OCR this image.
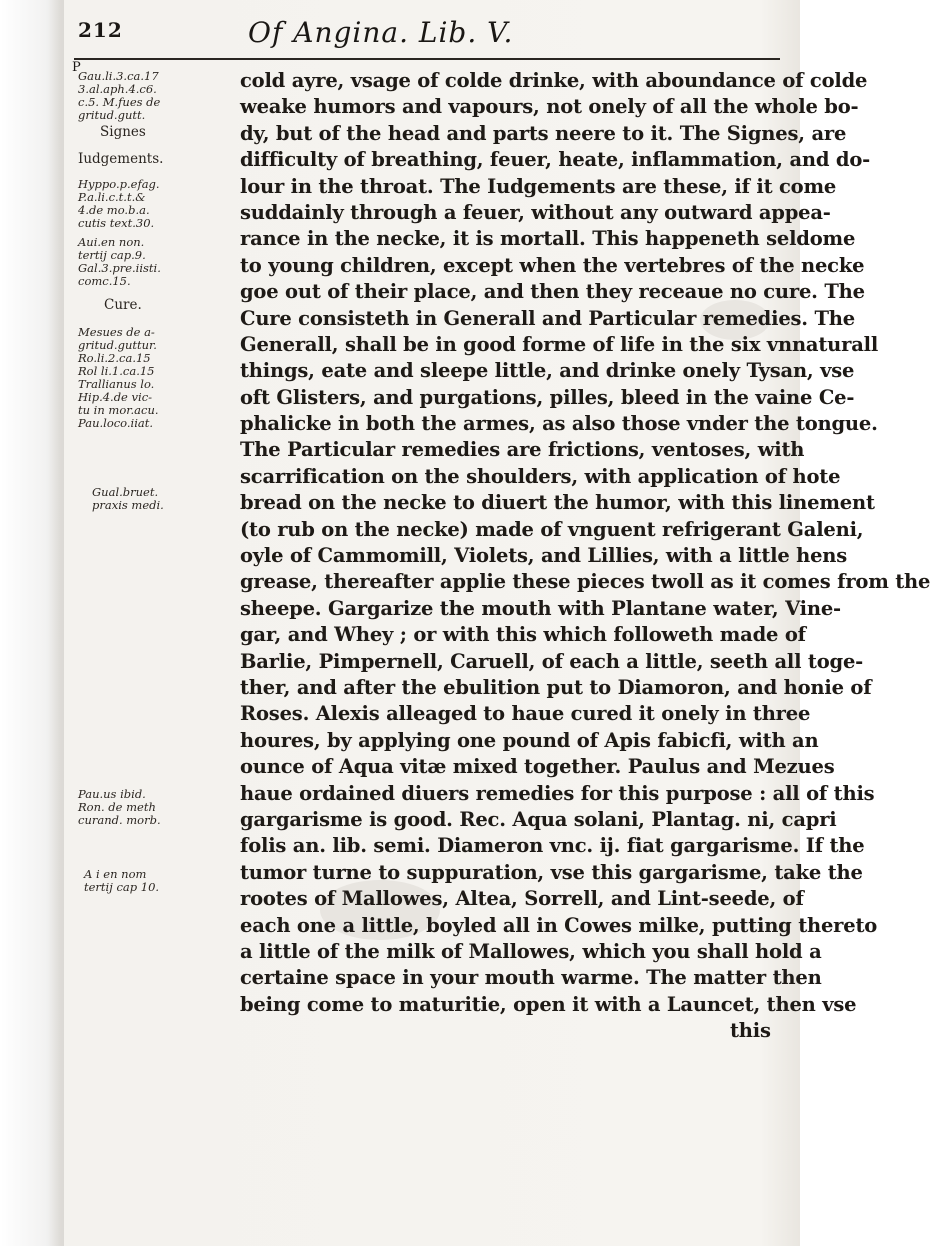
212	Of Angina. Lib. V.
P
Gau.li.3.ca.17
3.al.aph.4.c6.
c.5. M.fues de
gritud.gutt.
Signes
Iudgements.
Hyppo.p.efag.
P.a.li.c.t.t.&
4.de mo.b.a.
cutis text.30.
Aui.en non.
tertij cap.9.
Gal.3.pre.iisti.
comc.15.
Cure.
Mesues de a-
gritud.guttur.
Ro.li.2.ca.15
Rol li.1.ca.15
Trallianus lo.
Hip.4.de vic-
tu in mor.acu.
Pau.loco.iiat.
Gual.bruet.
praxis medi.
Pau.us ibid.
Ron. de meth
curand. morb.
A i en nom
tertij cap 10.
cold ayre, vsage of colde drinke, with aboundance of colde
weake humors and vapours, not onely of all the whole bo-
dy, but of the head and parts neere to it. The Signes, are
difficulty of breathing, feuer, heate, inflammation, and do-
lour in the throat. The Iudgements are these, if it come
suddainly through a feuer, without any outward appea-
rance in the necke, it is mortall. This happeneth seldome
to young children, except when the vertebres of the necke
goe out of their place, and then they receaue no cure. The
Cure consisteth in Generall and Particular remedies. The
Generall, shall be in good forme of life in the six vnnaturall
things, eate and sleepe little, and drinke onely Tysan, vse
oft Glisters, and purgations, pilles, bleed in the vaine Ce-
phalicke in both the armes, as also those vnder the tongue.
The Particular remedies are frictions, ventoses, with
scarrification on the shoulders, with application of hote
bread on the necke to diuert the humor, with this linement
(to rub on the necke) made of vnguent refrigerant Galeni,
oyle of Cammomill, Violets, and Lillies, with a little hens
grease, thereafter applie these pieces twoll as it comes from the
sheepe. Gargarize the mouth with Plantane water, Vine-
gar, and Whey ; or with this which followeth made of
Barlie, Pimpernell, Caruell, of each a little, seeth all toge-
ther, and after the ebulition put to Diamoron, and honie of
Roses. Alexis alleaged to haue cured it onely in three
houres, by applying one pound of Apis fabicfi, with an
ounce of Aqua vitæ mixed together. Paulus and Mezues
haue ordained diuers remedies for this purpose : all of this
gargarisme is good. Rec. Aqua solani, Plantag. ni, capri
folis an. lib. semi. Diameron vnc. ij. fiat gargarisme. If the
tumor turne to suppuration, vse this gargarisme, take the
rootes of Mallowes, Altea, Sorrell, and Lint-seede, of
each one a little, boyled all in Cowes milke, putting thereto
a little of the milk of Mallowes, which you shall hold a
certaine space in your mouth warme. The matter then
being come to maturitie, open it with a Launcet, then vse
this
